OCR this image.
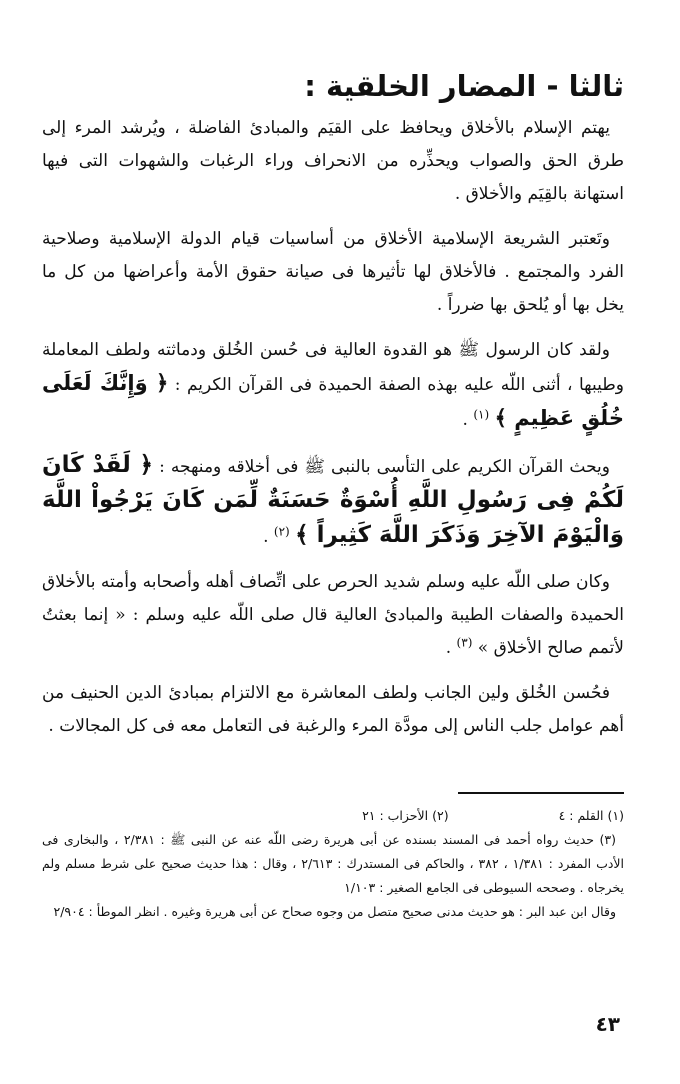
ثالثا - المضار الخلقية :

يهتم الإسلام بالأخلاق ويحافظ على القيَم والمبادئ الفاضلة ، ويُرشد المرء إلى طرق الحق والصواب ويحذِّره من الانحراف وراء الرغبات والشهوات التى فيها استهانة بالقِيَم والأخلاق .

وتَعتبر الشريعة الإسلامية الأخلاق من أساسيات قيام الدولة الإسلامية وصلاحية الفرد والمجتمع . فالأخلاق لها تأثيرها فى صيانة حقوق الأمة وأعراضها من كل ما يخل بها أو يُلحق بها ضرراً .

ولقد كان الرسول ﷺ هو القدوة العالية فى حُسن الخُلق ودماثته ولطف المعاملة وطيبها ، أثنى اللّه عليه بهذه الصفة الحميدة فى القرآن الكريم : ﴿ وَإِنَّكَ لَعَلَى خُلُقٍ عَظِيمٍ ﴾ $^{(١)}$ .

ويحث القرآن الكريم على التأسى بالنبى ﷺ فى أخلاقه ومنهجه : ﴿ لَقَدْ كَانَ لَكُمْ فِى رَسُولِ اللَّهِ أُسْوَةٌ حَسَنَةٌ لِّمَن كَانَ يَرْجُواْ اللَّهَ وَالْيَوْمَ الآخِرَ وَذَكَرَ اللَّهَ كَثِيراً ﴾ $^{(٢)}$ .

وكان صلى اللّه عليه وسلم شديد الحرص على اتِّصاف أهله وأصحابه وأمته بالأخلاق الحميدة والصفات الطيبة والمبادئ العالية قال صلى اللّه عليه وسلم : « إنما بعثتُ لأتمم صالح الأخلاق » $^{(٣)}$ .

فحُسن الخُلق ولين الجانب ولطف المعاشرة مع الالتزام بمبادئ الدين الحنيف من أهم عوامل جلب الناس إلى مودَّة المرء والرغبة فى التعامل معه فى كل المجالات .

(١) القلم : ٤
(٢) الأحزاب : ٢١
(٣) حديث رواه أحمد فى المسند بسنده عن أبى هريرة رضى اللّه عنه عن النبى ﷺ : ٢/٣٨١ ، والبخارى فى الأدب المفرد : ١/٣٨١ ، ٣٨٢ ، والحاكم فى المستدرك : ٢/٦١٣ ، وقال : هذا حديث صحيح على شرط مسلم ولم يخرجاه . وصححه السيوطى فى الجامع الصغير : ١/١٠٣
وقال ابن عبد البر : هو حديث مدنى صحيح متصل من وجوه صحاح عن أبى هريرة وغيره . انظر الموطأ : ٢/٩٠٤
٤٣
